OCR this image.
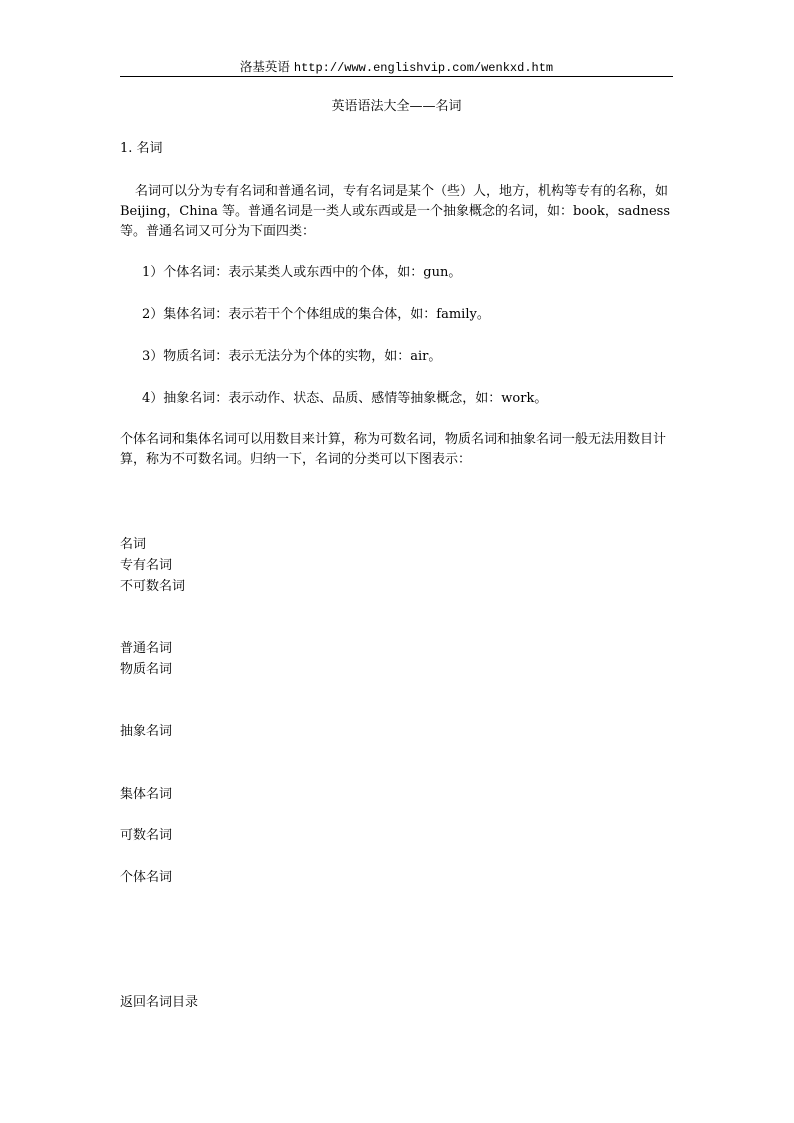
洛基英语 http://www.englishvip.com/wenkxd.htm
英语语法大全——名词
1. 名词

名词可以分为专有名词和普通名词，专有名词是某个（些）人，地方，机构等专有的名称，如 Beijing，China 等。普通名词是一类人或东西或是一个抽象概念的名词，如：book，sadness 等。普通名词又可分为下面四类：

1）个体名词：表示某类人或东西中的个体，如：gun。
2）集体名词：表示若干个个体组成的集合体，如：family。
3）物质名词：表示无法分为个体的实物，如：air。
4）抽象名词：表示动作、状态、品质、感情等抽象概念，如：work。

个体名词和集体名词可以用数目来计算，称为可数名词，物质名词和抽象名词一般无法用数目计算，称为不可数名词。归纳一下，名词的分类可以下图表示：

名词
专有名词
不可数名词
普通名词
物质名词
抽象名词
集体名词
可数名词
个体名词
返回名词目录
